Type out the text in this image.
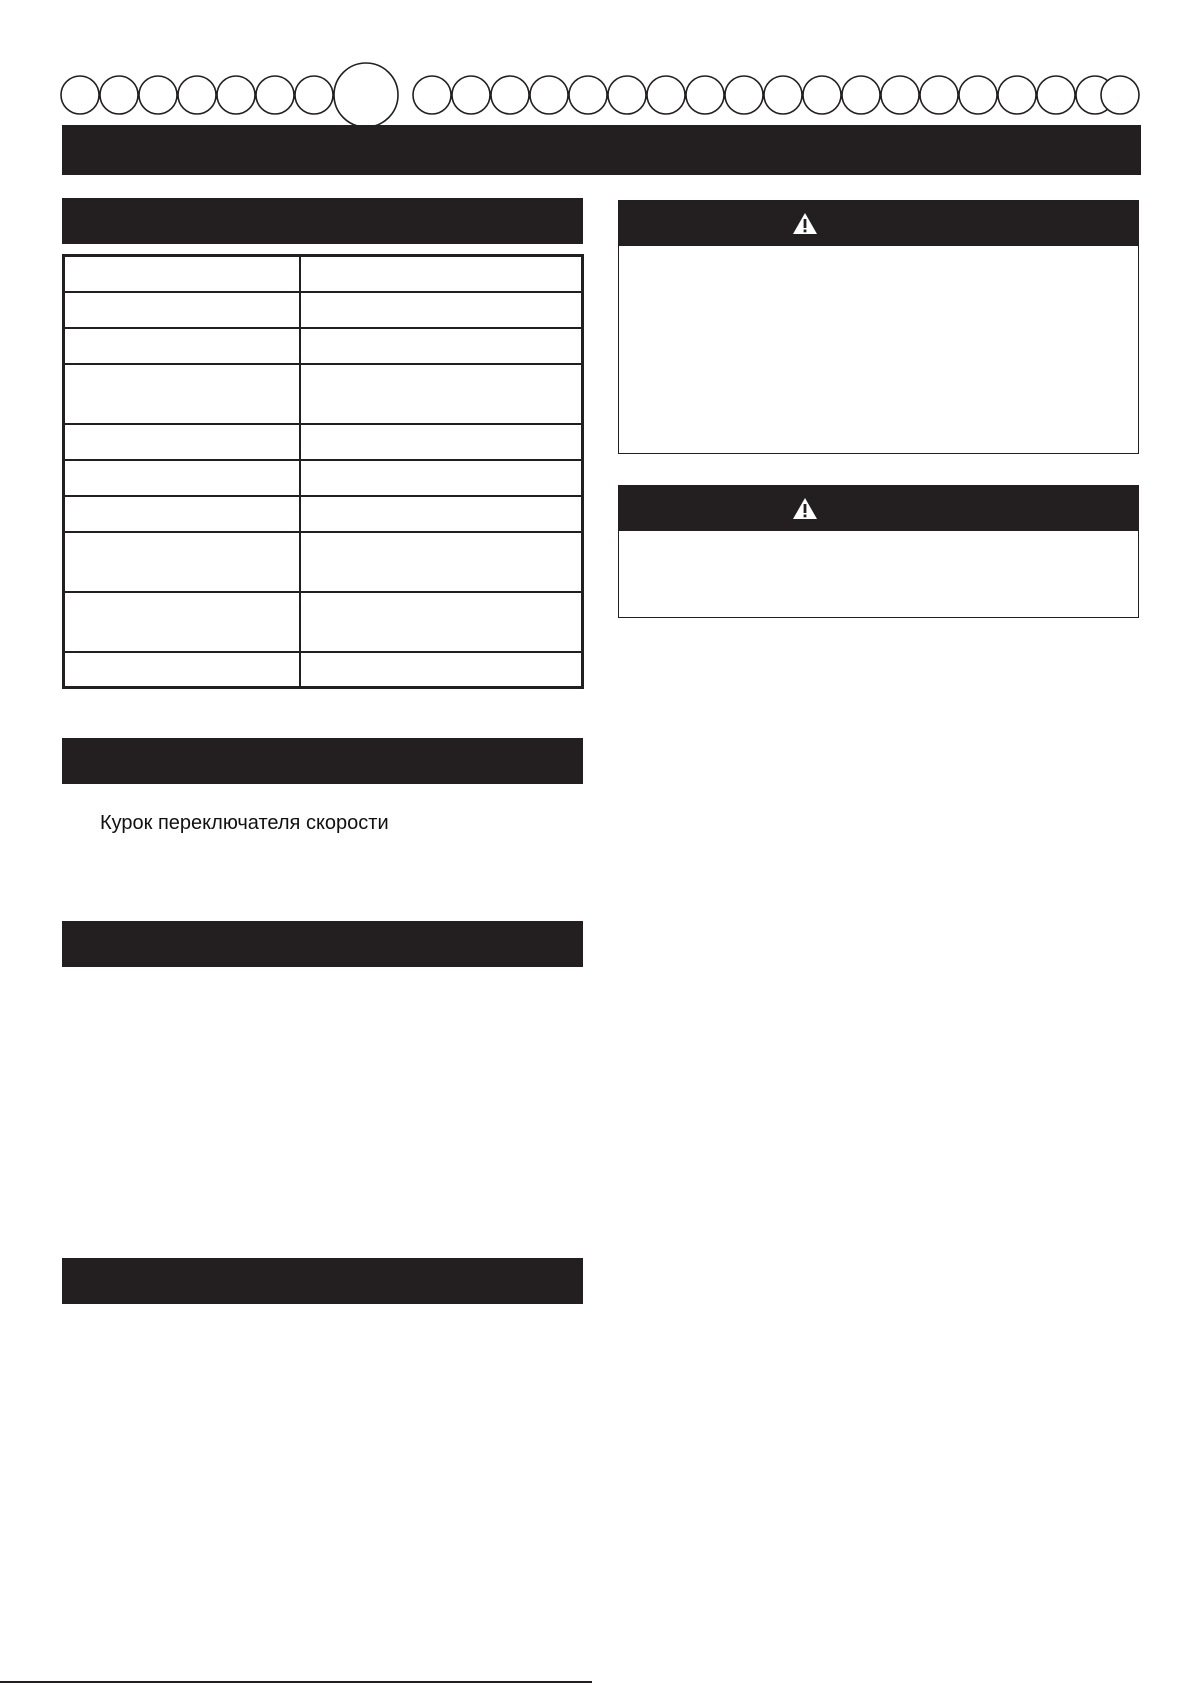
Курок переключателя скорости
